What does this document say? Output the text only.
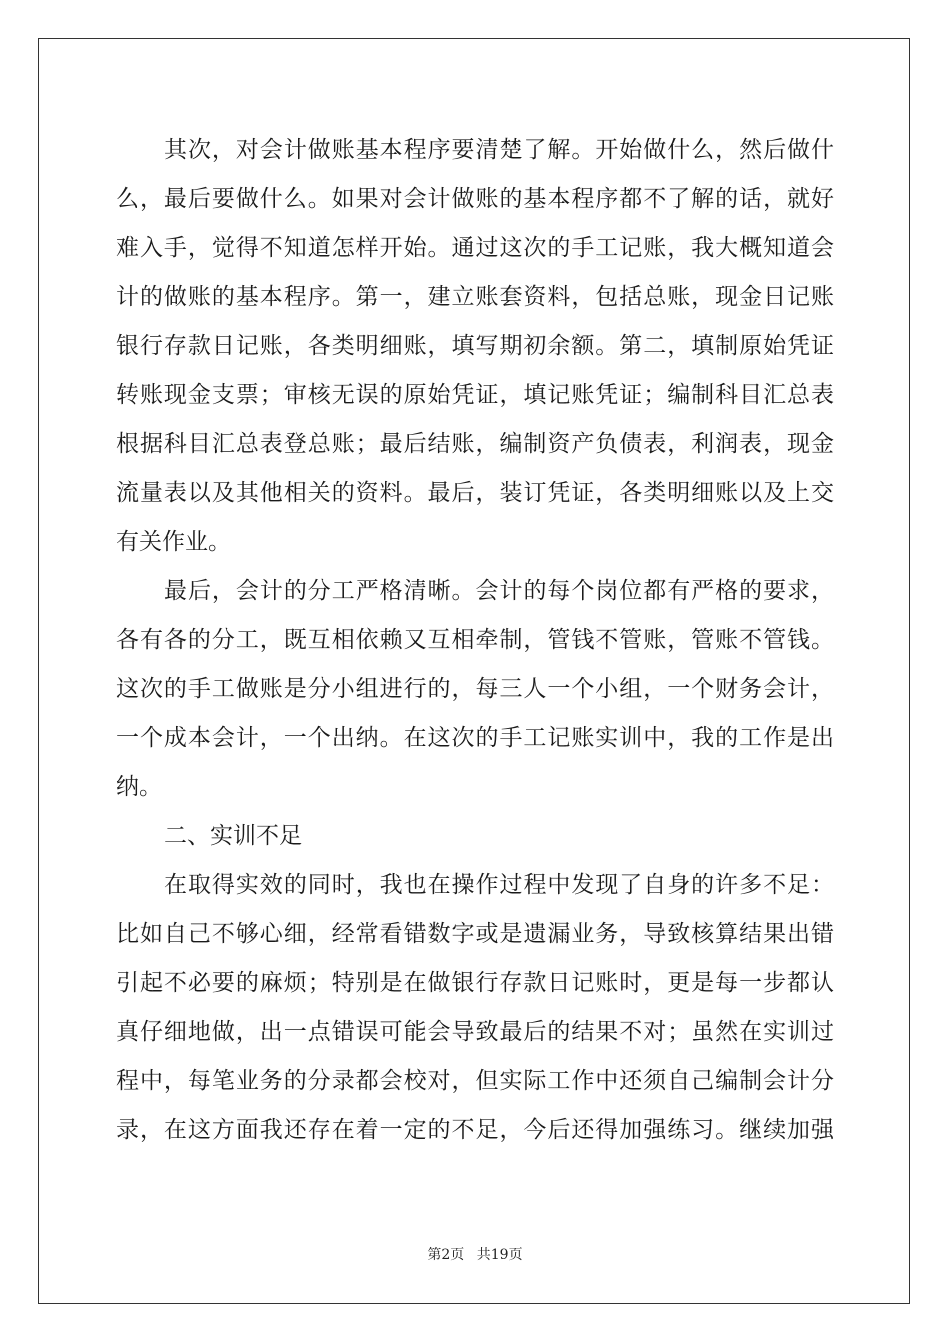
其次，对会计做账基本程序要清楚了解。开始做什么，然后做什
么，最后要做什么。如果对会计做账的基本程序都不了解的话，就好
难入手，觉得不知道怎样开始。通过这次的手工记账，我大概知道会
计的做账的基本程序。第一，建立账套资料，包括总账，现金日记账
银行存款日记账，各类明细账，填写期初余额。第二，填制原始凭证
转账现金支票；审核无误的原始凭证，填记账凭证；编制科目汇总表
根据科目汇总表登总账；最后结账，编制资产负债表，利润表，现金
流量表以及其他相关的资料。最后，装订凭证，各类明细账以及上交
有关作业。
最后，会计的分工严格清晰。会计的每个岗位都有严格的要求，
各有各的分工，既互相依赖又互相牵制，管钱不管账，管账不管钱。
这次的手工做账是分小组进行的，每三人一个小组，一个财务会计，
一个成本会计，一个出纳。在这次的手工记账实训中，我的工作是出
纳。
二、实训不足
在取得实效的同时，我也在操作过程中发现了自身的许多不足：
比如自己不够心细，经常看错数字或是遗漏业务，导致核算结果出错
引起不必要的麻烦；特别是在做银行存款日记账时，更是每一步都认
真仔细地做，出一点错误可能会导致最后的结果不对；虽然在实训过
程中，每笔业务的分录都会校对，但实际工作中还须自己编制会计分
录，在这方面我还存在着一定的不足，今后还得加强练习。继续加强
第2页 共19页
